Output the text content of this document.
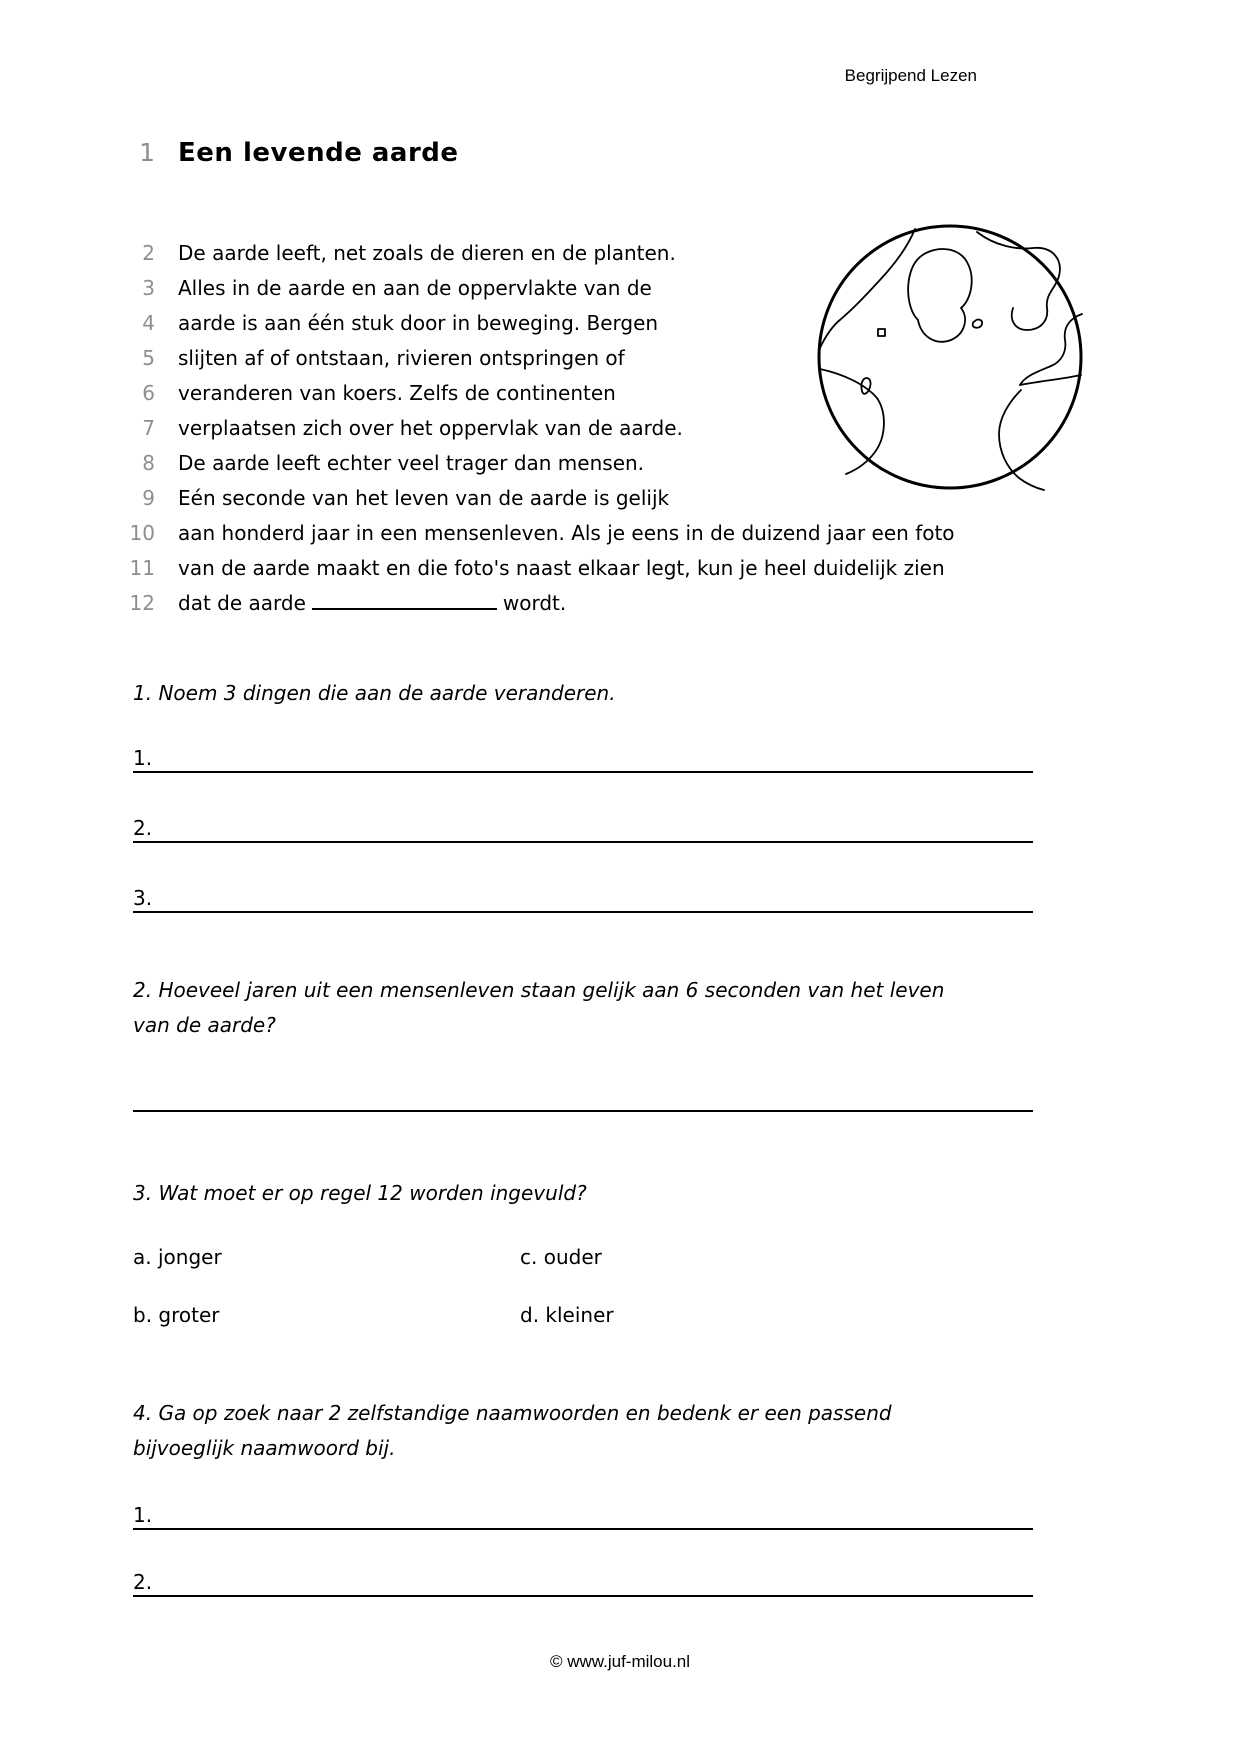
Begrijpend Lezen
1 Een levende aarde
2 De aarde leeft, net zoals de dieren en de planten.
3 Alles in de aarde en aan de oppervlakte van de
4 aarde is aan één stuk door in beweging. Bergen
5 slijten af of ontstaan, rivieren ontspringen of
6 veranderen van koers. Zelfs de continenten
7 verplaatsen zich over het oppervlak van de aarde.
8 De aarde leeft echter veel trager dan mensen.
9 Eén seconde van het leven van de aarde is gelijk
10 aan honderd jaar in een mensenleven. Als je eens in de duizend jaar een foto
11 van de aarde maakt en die foto's naast elkaar legt, kun je heel duidelijk zien
12 dat de aarde	wordt.
1. Noem 3 dingen die aan de aarde veranderen.
1.
2.
3.
2. Hoeveel jaren uit een mensenleven staan gelijk aan 6 seconden van het leven
van de aarde?
3. Wat moet er op regel 12 worden ingevuld?
a. jonger	c. ouder
b. groter	d. kleiner
4. Ga op zoek naar 2 zelfstandige naamwoorden en bedenk er een passend
bijvoeglijk naamwoord bij.
1.
2.
© www.juf-milou.nl
